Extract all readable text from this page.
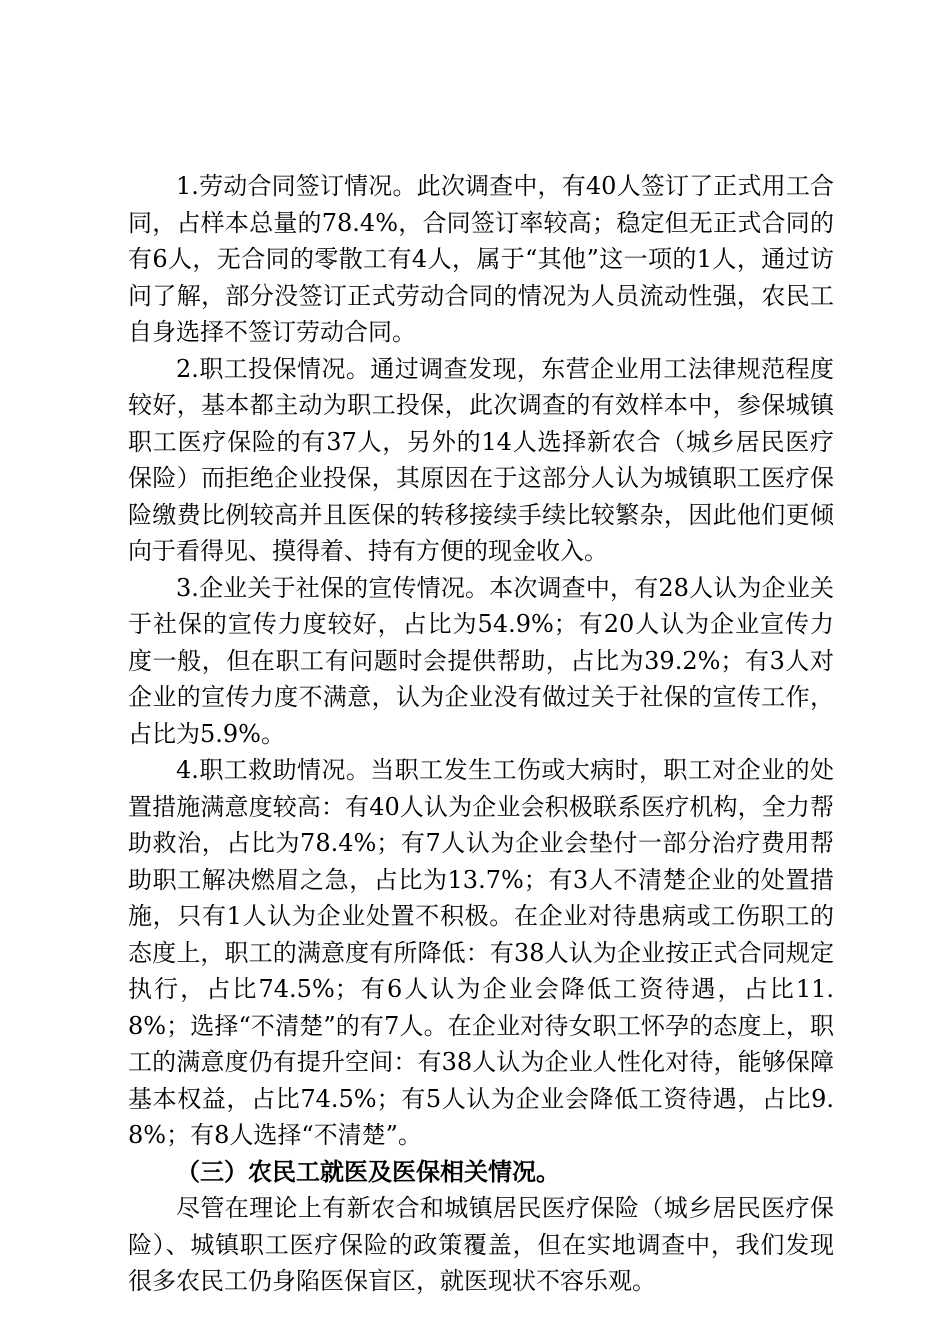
1.劳动合同签订情况。此次调查中，有40人签订了正式用工合同，占样本总量的78.4%，合同签订率较高；稳定但无正式合同的有6人，无合同的零散工有4人，属于“其他”这一项的1人，通过访问了解，部分没签订正式劳动合同的情况为人员流动性强，农民工自身选择不签订劳动合同。

2.职工投保情况。通过调查发现，东营企业用工法律规范程度较好，基本都主动为职工投保，此次调查的有效样本中，参保城镇职工医疗保险的有37人，另外的14人选择新农合（城乡居民医疗保险）而拒绝企业投保，其原因在于这部分人认为城镇职工医疗保险缴费比例较高并且医保的转移接续手续比较繁杂，因此他们更倾向于看得见、摸得着、持有方便的现金收入。

3.企业关于社保的宣传情况。本次调查中，有28人认为企业关于社保的宣传力度较好，占比为54.9%；有20人认为企业宣传力度一般，但在职工有问题时会提供帮助，占比为39.2%；有3人对企业的宣传力度不满意，认为企业没有做过关于社保的宣传工作，占比为5.9%。

4.职工救助情况。当职工发生工伤或大病时，职工对企业的处置措施满意度较高：有40人认为企业会积极联系医疗机构，全力帮助救治，占比为78.4%；有7人认为企业会垫付一部分治疗费用帮助职工解决燃眉之急，占比为13.7%；有3人不清楚企业的处置措施，只有1人认为企业处置不积极。在企业对待患病或工伤职工的态度上，职工的满意度有所降低：有38人认为企业按正式合同规定执行，占比74.5%；有6人认为企业会降低工资待遇，占比11.8%；选择“不清楚”的有7人。在企业对待女职工怀孕的态度上，职工的满意度仍有提升空间：有38人认为企业人性化对待，能够保障基本权益，占比74.5%；有5人认为企业会降低工资待遇，占比9.8%；有8人选择“不清楚”。

（三）农民工就医及医保相关情况。

尽管在理论上有新农合和城镇居民医疗保险（城乡居民医疗保险）、城镇职工医疗保险的政策覆盖，但在实地调查中，我们发现很多农民工仍身陷医保盲区，就医现状不容乐观。
